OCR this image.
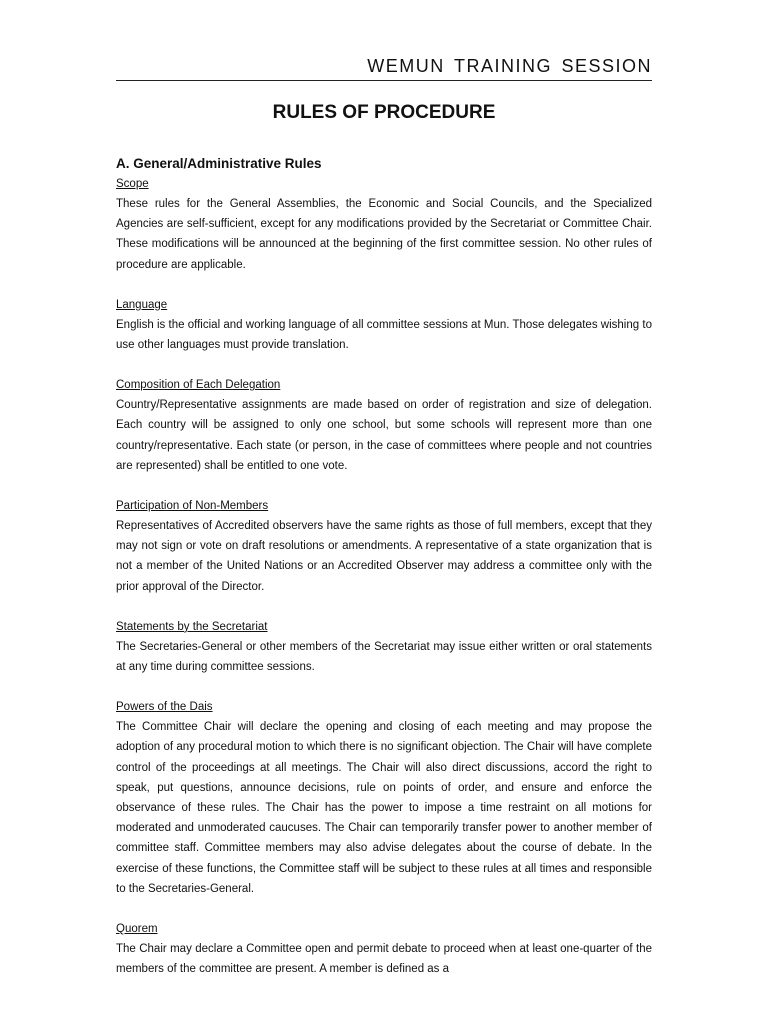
WEMUN TRAINING SESSION
RULES OF PROCEDURE

A. General/Administrative Rules

Scope

These rules for the General Assemblies, the Economic and Social Councils, and the Specialized Agencies are self-sufficient, except for any modifications provided by the Secretariat or Committee Chair. These modifications will be announced at the beginning of the first committee session. No other rules of procedure are applicable.

Language

English is the official and working language of all committee sessions at Mun. Those delegates wishing to use other languages must provide translation.

Composition of Each Delegation

Country/Representative assignments are made based on order of registration and size of delegation. Each country will be assigned to only one school, but some schools will represent more than one country/representative. Each state (or person, in the case of committees where people and not countries are represented) shall be entitled to one vote.

Participation of Non-Members

Representatives of Accredited observers have the same rights as those of full members, except that they may not sign or vote on draft resolutions or amendments. A representative of a state organization that is not a member of the United Nations or an Accredited Observer may address a committee only with the prior approval of the Director.

Statements by the Secretariat

The Secretaries-General or other members of the Secretariat may issue either written or oral statements at any time during committee sessions.

Powers of the Dais

The Committee Chair will declare the opening and closing of each meeting and may propose the adoption of any procedural motion to which there is no significant objection. The Chair will have complete control of the proceedings at all meetings. The Chair will also direct discussions, accord the right to speak, put questions, announce decisions, rule on points of order, and ensure and enforce the observance of these rules. The Chair has the power to impose a time restraint on all motions for moderated and unmoderated caucuses. The Chair can temporarily transfer power to another member of committee staff. Committee members may also advise delegates about the course of debate. In the exercise of these functions, the Committee staff will be subject to these rules at all times and responsible to the Secretaries-General.

Quorem

The Chair may declare a Committee open and permit debate to proceed when at least one-quarter of the members of the committee are present. A member is defined as a
